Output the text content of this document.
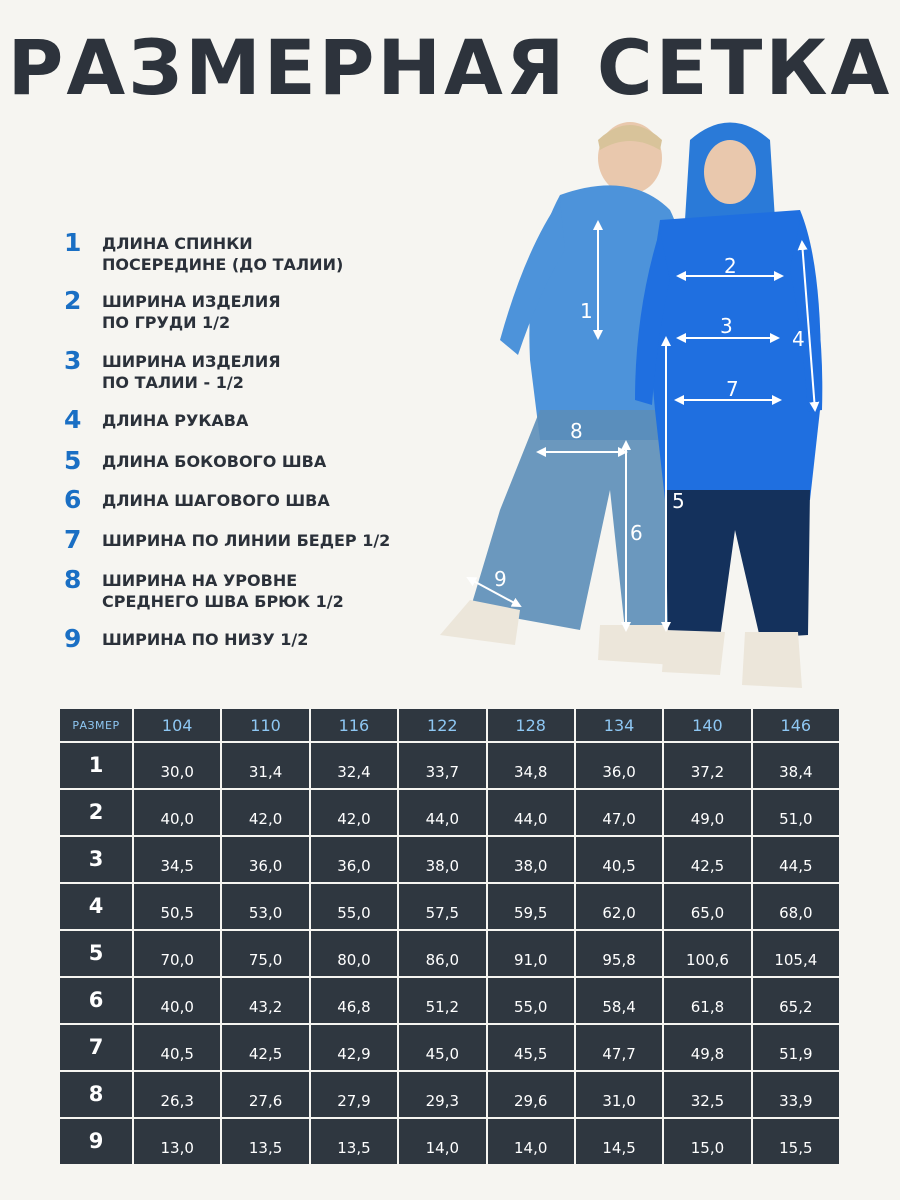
РАЗМЕРНАЯ СЕТКА
1	ДЛИНА СПИНКИ
ПОСЕРЕДИНЕ (ДО ТАЛИИ)
2	ШИРИНА ИЗДЕЛИЯ
ПО ГРУДИ 1/2
3	ШИРИНА ИЗДЕЛИЯ
ПО ТАЛИИ - 1/2
4	ДЛИНА РУКАВА
5	ДЛИНА БОКОВОГО ШВА
6	ДЛИНА ШАГОВОГО ШВА
7	ШИРИНА ПО ЛИНИИ БЕДЕР 1/2
8	ШИРИНА НА УРОВНЕ
СРЕДНЕГО ШВА БРЮК 1/2
9	ШИРИНА ПО НИЗУ 1/2
1
2
3
4
5
6
7
8
9
РАЗМЕР	104	110	116	122	128	134	140	146
1	30,0	31,4	32,4	33,7	34,8	36,0	37,2	38,4
2	40,0	42,0	42,0	44,0	44,0	47,0	49,0	51,0
3	34,5	36,0	36,0	38,0	38,0	40,5	42,5	44,5
4	50,5	53,0	55,0	57,5	59,5	62,0	65,0	68,0
5	70,0	75,0	80,0	86,0	91,0	95,8	100,6	105,4
6	40,0	43,2	46,8	51,2	55,0	58,4	61,8	65,2
7	40,5	42,5	42,9	45,0	45,5	47,7	49,8	51,9
8	26,3	27,6	27,9	29,3	29,6	31,0	32,5	33,9
9	13,0	13,5	13,5	14,0	14,0	14,5	15,0	15,5
